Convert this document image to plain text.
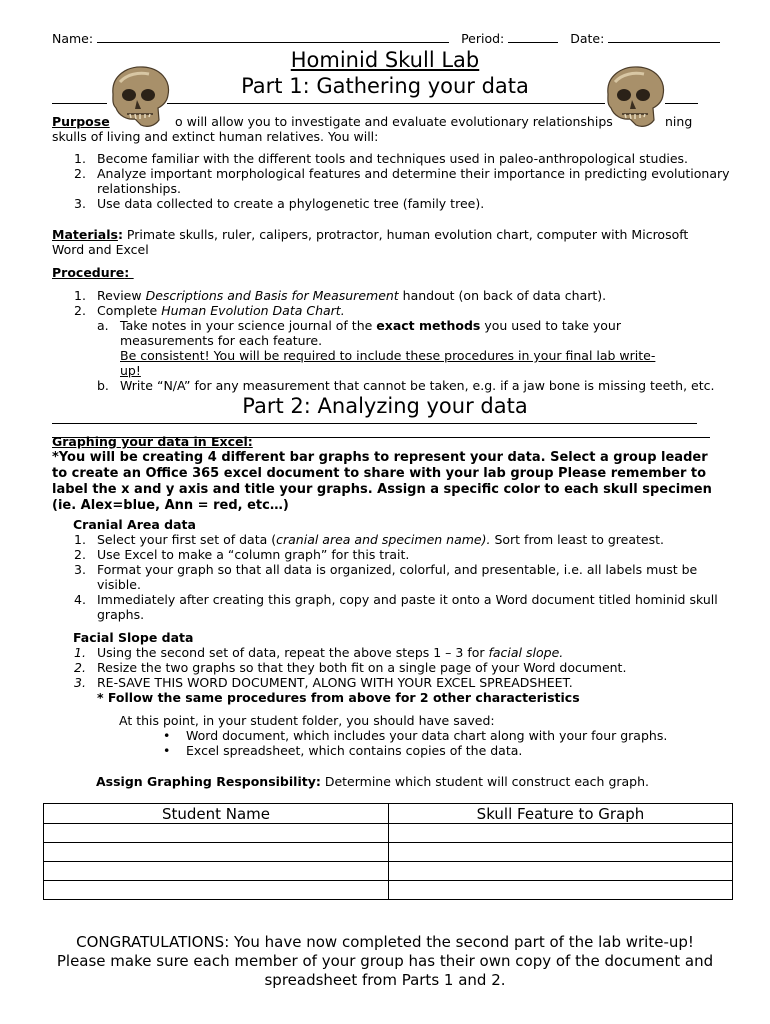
Name:	Period:	Date:
Hominid Skull Lab
Part 1: Gathering your data
Purpose	o will allow you to investigate and evaluate evolutionary relationships	ning
skulls of living and extinct human relatives. You will:
1. Become familiar with the different tools and techniques used in paleo-anthropological studies.
2. Analyze important morphological features and determine their importance in predicting evolutionary relationships.
3. Use data collected to create a phylogenetic tree (family tree).
Materials: Primate skulls, ruler, calipers, protractor, human evolution chart, computer with Microsoft Word and Excel
Procedure:
1. Review Descriptions and Basis for Measurement handout (on back of data chart).
2. Complete Human Evolution Data Chart.
a. Take notes in your science journal of the exact methods you used to take your measurements for each feature.
Be consistent! You will be required to include these procedures in your final lab write-up!
b. Write “N/A” for any measurement that cannot be taken, e.g. if a jaw bone is missing teeth, etc.
Part 2: Analyzing your data
Graphing your data in Excel:
*You will be creating 4 different bar graphs to represent your data. Select a group leader to create an Office 365 excel document to share with your lab group Please remember to label the x and y axis and title your graphs. Assign a specific color to each skull specimen (ie. Alex=blue, Ann = red, etc…)
Cranial Area data
1. Select your first set of data (cranial area and specimen name). Sort from least to greatest.
2. Use Excel to make a “column graph” for this trait.
3. Format your graph so that all data is organized, colorful, and presentable, i.e. all labels must be visible.
4. Immediately after creating this graph, copy and paste it onto a Word document titled hominid skull graphs.
Facial Slope data
1. Using the second set of data, repeat the above steps 1 – 3 for facial slope.
2. Resize the two graphs so that they both fit on a single page of your Word document.
3. RE-SAVE THIS WORD DOCUMENT, ALONG WITH YOUR EXCEL SPREADSHEET.
* Follow the same procedures from above for 2 other characteristics
At this point, in your student folder, you should have saved:
• Word document, which includes your data chart along with your four graphs.
• Excel spreadsheet, which contains copies of the data.
Assign Graphing Responsibility: Determine which student will construct each graph.
Student Name	Skull Feature to Graph

CONGRATULATIONS: You have now completed the second part of the lab write-up!
Please make sure each member of your group has their own copy of the document and
spreadsheet from Parts 1 and 2.
